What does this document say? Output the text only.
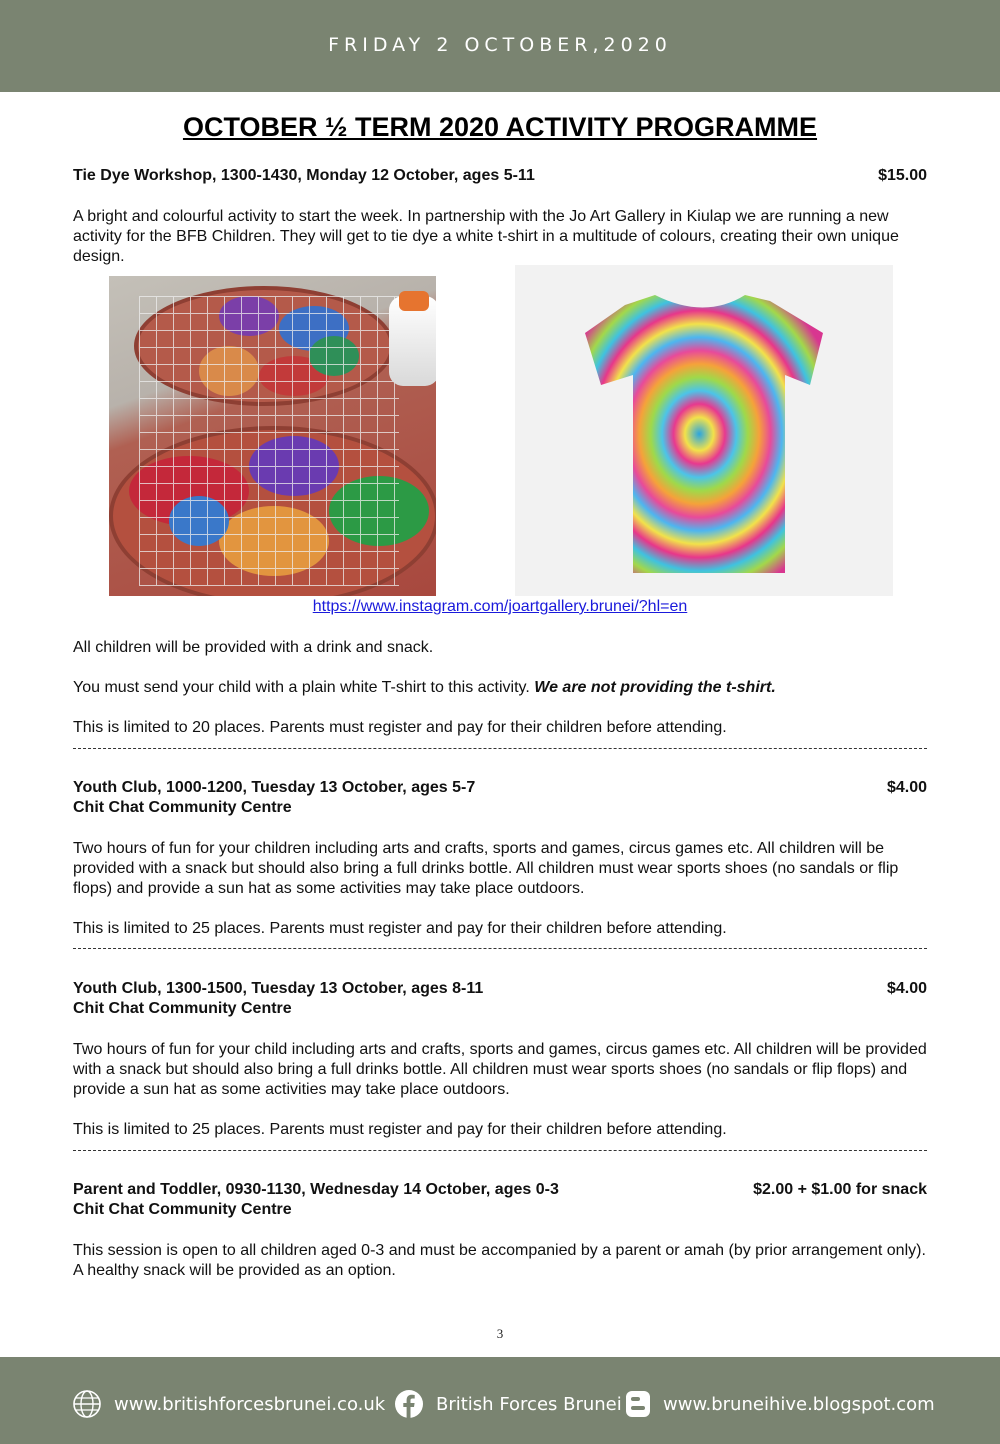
FRIDAY 2 OCTOBER,2020
OCTOBER ½ TERM 2020 ACTIVITY PROGRAMME
Tie Dye Workshop, 1300-1430, Monday 12 October, ages 5-11	$15.00
A bright and colourful activity to start the week. In partnership with the Jo Art Gallery in Kiulap we are running a new activity for the BFB Children. They will get to tie dye a white t-shirt in a multitude of colours, creating their own unique design.
https://www.instagram.com/joartgallery.brunei/?hl=en
All children will be provided with a drink and snack.
You must send your child with a plain white T-shirt to this activity. We are not providing the t-shirt.
This is limited to 20 places. Parents must register and pay for their children before attending.
Youth Club, 1000-1200, Tuesday 13 October, ages 5-7	$4.00
Chit Chat Community Centre
Two hours of fun for your children including arts and crafts, sports and games, circus games etc. All children will be provided with a snack but should also bring a full drinks bottle. All children must wear sports shoes (no sandals or flip flops) and provide a sun hat as some activities may take place outdoors.
This is limited to 25 places. Parents must register and pay for their children before attending.
Youth Club, 1300-1500, Tuesday 13 October, ages 8-11	$4.00
Chit Chat Community Centre
Two hours of fun for your child including arts and crafts, sports and games, circus games etc. All children will be provided with a snack but should also bring a full drinks bottle. All children must wear sports shoes (no sandals or flip flops) and provide a sun hat as some activities may take place outdoors.
This is limited to 25 places. Parents must register and pay for their children before attending.
Parent and Toddler, 0930-1130, Wednesday 14 October, ages 0-3	$2.00 + $1.00 for snack
Chit Chat Community Centre
This session is open to all children aged 0-3 and must be accompanied by a parent or amah (by prior arrangement only). A healthy snack will be provided as an option.
3
www.britishforcesbrunei.co.uk	British Forces Brunei www.bruneihive.blogspot.com
